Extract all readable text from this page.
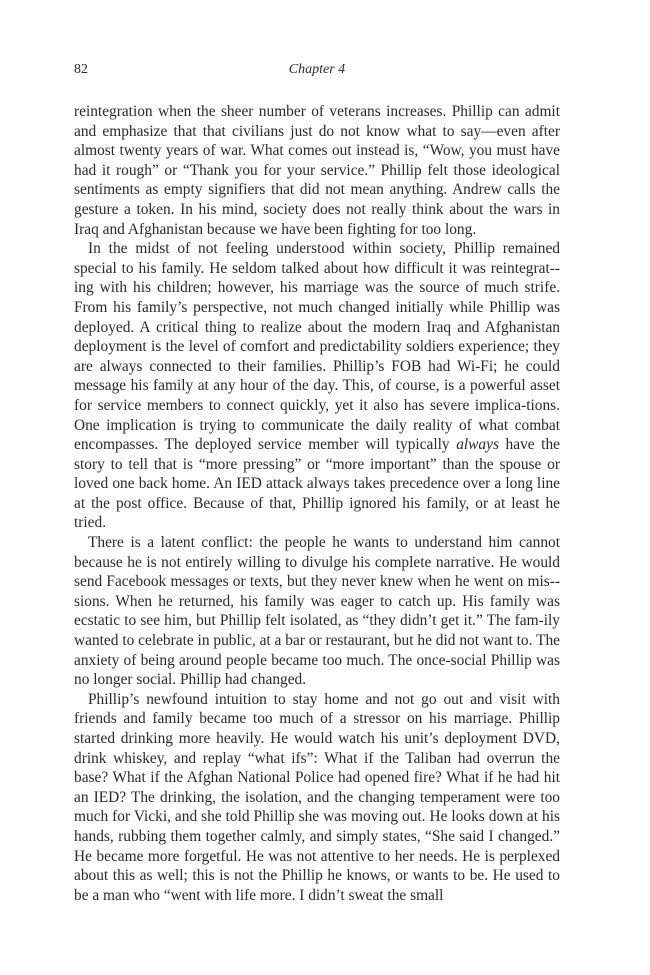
82	Chapter 4

reintegration when the sheer number of veterans increases. Phillip can admit and emphasize that that civilians just do not know what to say—even after almost twenty years of war. What comes out instead is, “Wow, you must have had it rough” or “Thank you for your service.” Phillip felt those ideological sentiments as empty signifiers that did not mean anything. Andrew calls the gesture a token. In his mind, society does not really think about the wars in Iraq and Afghanistan because we have been fighting for too long.

In the midst of not feeling understood within society, Phillip remained special to his family. He seldom talked about how difficult it was reintegrat-ing with his children; however, his marriage was the source of much strife. From his family’s perspective, not much changed initially while Phillip was deployed. A critical thing to realize about the modern Iraq and Afghanistan deployment is the level of comfort and predictability soldiers experience; they are always connected to their families. Phillip’s FOB had Wi-Fi; he could message his family at any hour of the day. This, of course, is a powerful asset for service members to connect quickly, yet it also has severe implica-tions. One implication is trying to communicate the daily reality of what combat encompasses. The deployed service member will typically always have the story to tell that is “more pressing” or “more important” than the spouse or loved one back home. An IED attack always takes precedence over a long line at the post office. Because of that, Phillip ignored his family, or at least he tried.

There is a latent conflict: the people he wants to understand him cannot because he is not entirely willing to divulge his complete narrative. He would send Facebook messages or texts, but they never knew when he went on mis-sions. When he returned, his family was eager to catch up. His family was ecstatic to see him, but Phillip felt isolated, as “they didn’t get it.” The fam-ily wanted to celebrate in public, at a bar or restaurant, but he did not want to. The anxiety of being around people became too much. The once-social Phillip was no longer social. Phillip had changed.

Phillip’s newfound intuition to stay home and not go out and visit with friends and family became too much of a stressor on his marriage. Phillip started drinking more heavily. He would watch his unit’s deployment DVD, drink whiskey, and replay “what ifs”: What if the Taliban had overrun the base? What if the Afghan National Police had opened fire? What if he had hit an IED? The drinking, the isolation, and the changing temperament were too much for Vicki, and she told Phillip she was moving out. He looks down at his hands, rubbing them together calmly, and simply states, “She said I changed.” He became more forgetful. He was not attentive to her needs. He is perplexed about this as well; this is not the Phillip he knows, or wants to be. He used to be a man who “went with life more. I didn’t sweat the small
